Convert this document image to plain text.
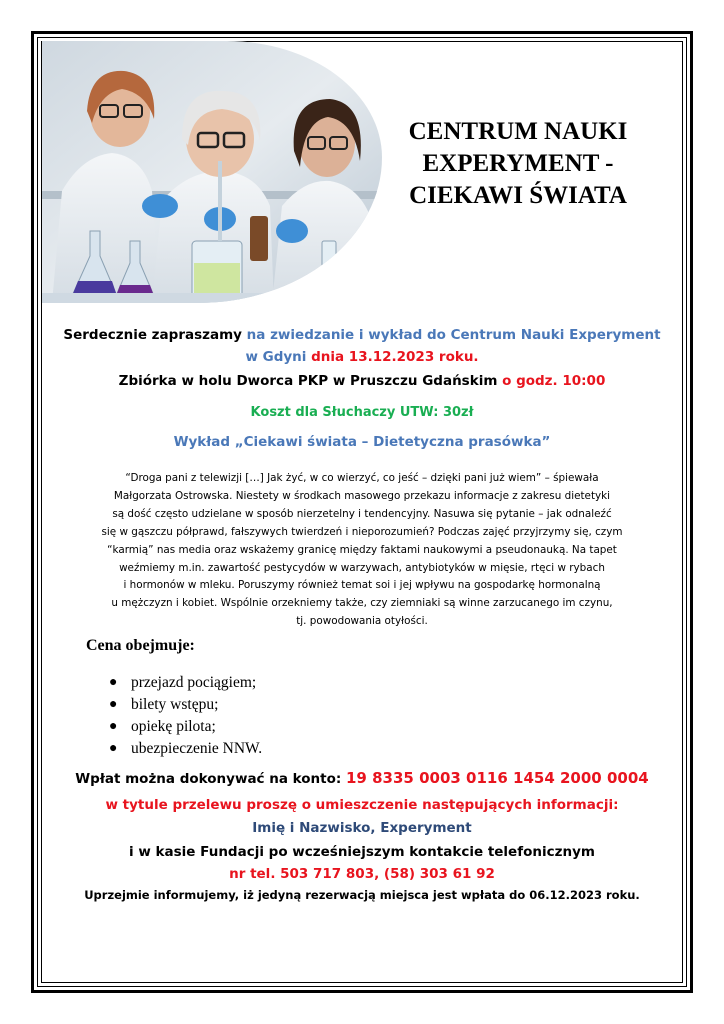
CENTRUM NAUKI EXPERYMENT - CIEKAWI ŚWIATA
Serdecznie zapraszamy na zwiedzanie i wykład do Centrum Nauki Experyment
w Gdyni dnia 13.12.2023 roku.
Zbiórka w holu Dworca PKP w Pruszczu Gdańskim o godz. 10:00
Koszt dla Słuchaczy UTW: 30zł
Wykład „Ciekawi świata – Dietetyczna prasówka”
“Droga pani z telewizji […] Jak żyć, w co wierzyć, co jeść – dzięki pani już wiem” – śpiewała
Małgorzata Ostrowska. Niestety w środkach masowego przekazu informacje z zakresu dietetyki
są dość często udzielane w sposób nierzetelny i tendencyjny. Nasuwa się pytanie – jak odnaleźć
się w gąszczu półprawd, fałszywych twierdzeń i nieporozumień? Podczas zajęć przyjrzymy się, czym
“karmią” nas media oraz wskażemy granicę między faktami naukowymi a pseudonauką. Na tapet
weźmiemy m.in. zawartość pestycydów w warzywach, antybiotyków w mięsie, rtęci w rybach
i hormonów w mleku. Poruszymy również temat soi i jej wpływu na gospodarkę hormonalną
u mężczyzn i kobiet. Wspólnie orzekniemy także, czy ziemniaki są winne zarzucanego im czynu,
tj. powodowania otyłości.
Cena obejmuje:
● przejazd pociągiem;
● bilety wstępu;
● opiekę pilota;
● ubezpieczenie NNW.
Wpłat można dokonywać na konto: 19 8335 0003 0116 1454 2000 0004
w tytule przelewu proszę o umieszczenie następujących informacji:
Imię i Nazwisko, Experyment
i w kasie Fundacji po wcześniejszym kontakcie telefonicznym
nr tel. 503 717 803, (58) 303 61 92
Uprzejmie informujemy, iż jedyną rezerwacją miejsca jest wpłata do 06.12.2023 roku.
